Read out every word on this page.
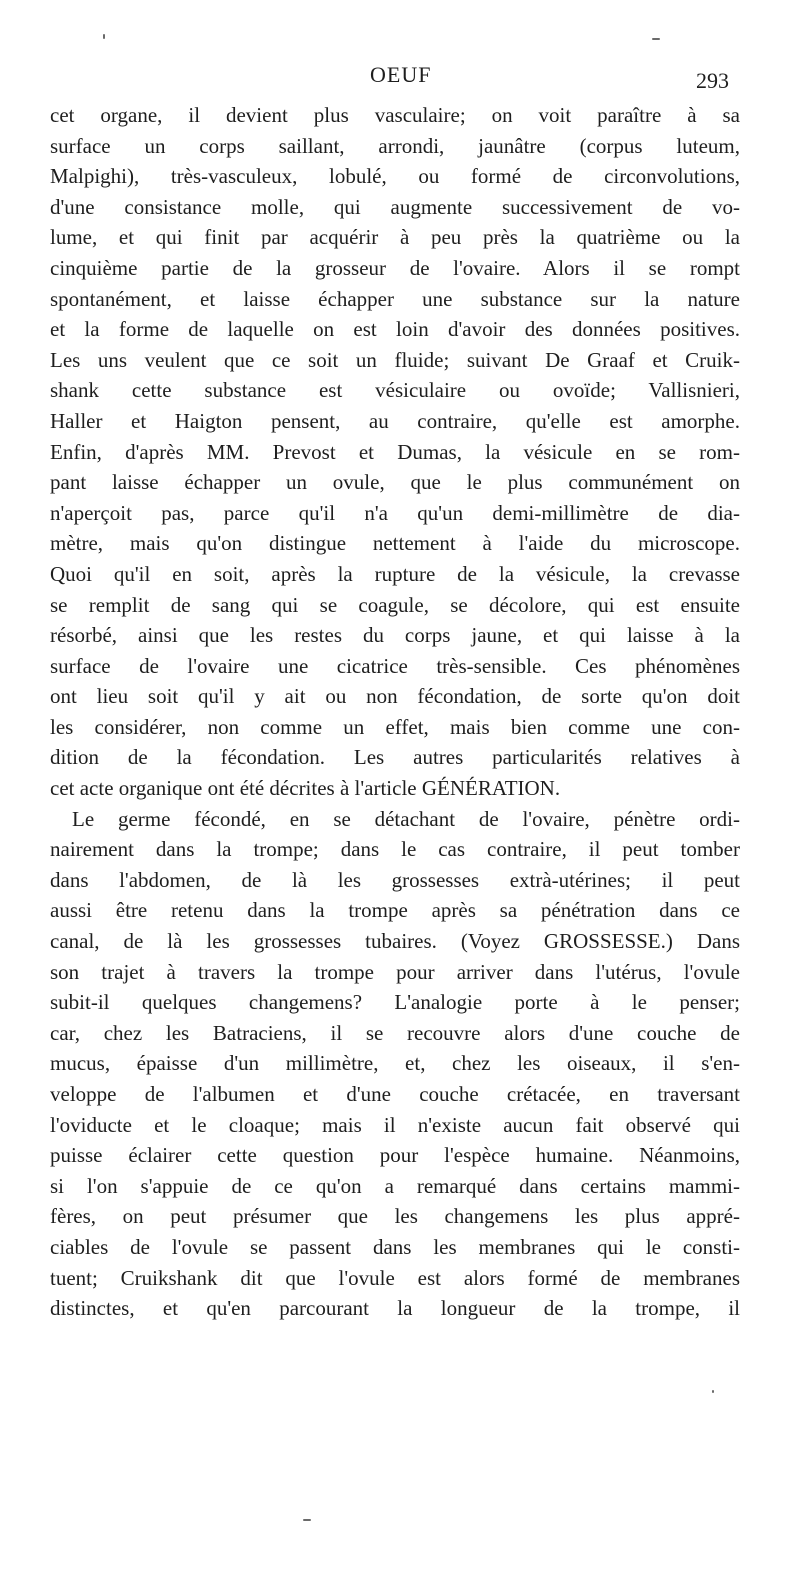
OEUF	293
cet organe, il devient plus vasculaire; on voit paraître à sa
surface un corps saillant, arrondi, jaunâtre (corpus luteum,
Malpighi), très-vasculeux, lobulé, ou formé de circonvolutions,
d'une consistance molle, qui augmente successivement de vo-
lume, et qui finit par acquérir à peu près la quatrième ou la
cinquième partie de la grosseur de l'ovaire. Alors il se rompt
spontanément, et laisse échapper une substance sur la nature
et la forme de laquelle on est loin d'avoir des données positives.
Les uns veulent que ce soit un fluide; suivant De Graaf et Cruik-
shank cette substance est vésiculaire ou ovoïde; Vallisnieri,
Haller et Haigton pensent, au contraire, qu'elle est amorphe.
Enfin, d'après MM. Prevost et Dumas, la vésicule en se rom-
pant laisse échapper un ovule, que le plus communément on
n'aperçoit pas, parce qu'il n'a qu'un demi-millimètre de dia-
mètre, mais qu'on distingue nettement à l'aide du microscope.
Quoi qu'il en soit, après la rupture de la vésicule, la crevasse
se remplit de sang qui se coagule, se décolore, qui est ensuite
résorbé, ainsi que les restes du corps jaune, et qui laisse à la
surface de l'ovaire une cicatrice très-sensible. Ces phénomènes
ont lieu soit qu'il y ait ou non fécondation, de sorte qu'on doit
les considérer, non comme un effet, mais bien comme une con-
dition de la fécondation. Les autres particularités relatives à
cet acte organique ont été décrites à l'article GÉNÉRATION.
Le germe fécondé, en se détachant de l'ovaire, pénètre ordi-
nairement dans la trompe; dans le cas contraire, il peut tomber
dans l'abdomen, de là les grossesses extrà-utérines; il peut
aussi être retenu dans la trompe après sa pénétration dans ce
canal, de là les grossesses tubaires. (Voyez GROSSESSE.) Dans
son trajet à travers la trompe pour arriver dans l'utérus, l'ovule
subit-il quelques changemens? L'analogie porte à le penser;
car, chez les Batraciens, il se recouvre alors d'une couche de
mucus, épaisse d'un millimètre, et, chez les oiseaux, il s'en-
veloppe de l'albumen et d'une couche crétacée, en traversant
l'oviducte et le cloaque; mais il n'existe aucun fait observé qui
puisse éclairer cette question pour l'espèce humaine. Néanmoins,
si l'on s'appuie de ce qu'on a remarqué dans certains mammi-
fères, on peut présumer que les changemens les plus appré-
ciables de l'ovule se passent dans les membranes qui le consti-
tuent; Cruikshank dit que l'ovule est alors formé de membranes
distinctes, et qu'en parcourant la longueur de la trompe, il
